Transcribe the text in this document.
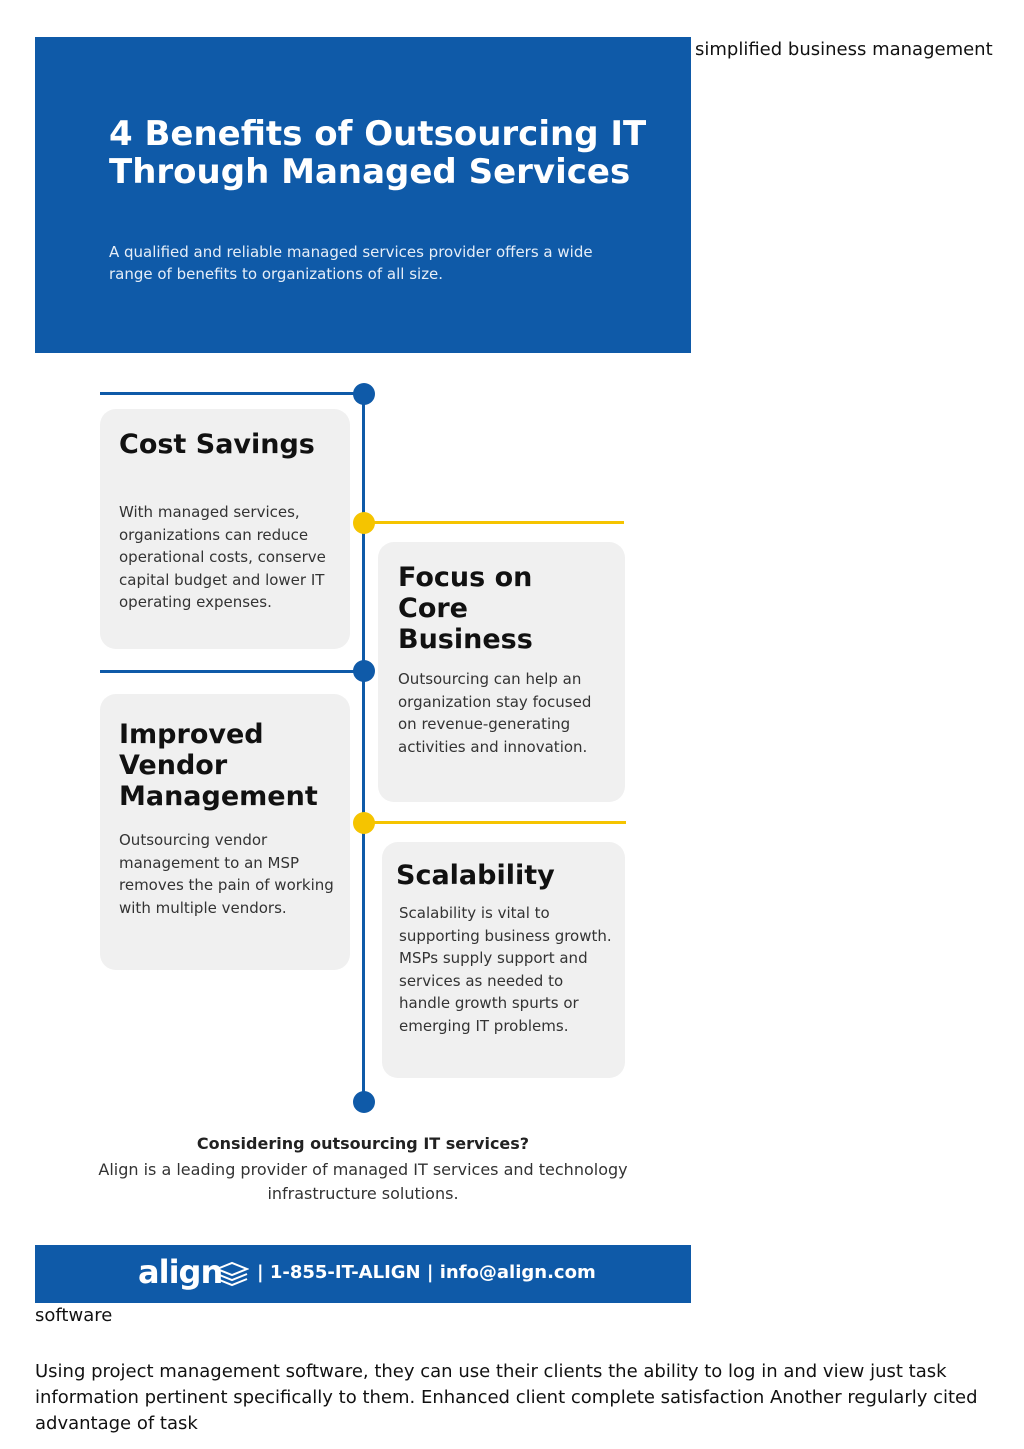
simplified business management
4 Benefits of Outsourcing IT Through Managed Services
A qualified and reliable managed services provider offers a wide range of benefits to organizations of all size.
Cost Savings
With managed services, organizations can reduce operational costs, conserve capital budget and lower IT operating expenses.
Focus on Core Business
Outsourcing can help an organization stay focused on revenue-generating activities and innovation.
Improved Vendor Management
Outsourcing vendor management to an MSP removes the pain of working with multiple vendors.
Scalability
Scalability is vital to supporting business growth. MSPs supply support and services as needed to handle growth spurts or emerging IT problems.
Considering outsourcing IT services?
Align is a leading provider of managed IT services and technology infrastructure solutions.
align | 1-855-IT-ALIGN | info@align.com
software
Using project management software, they can use their clients the ability to log in and view just task information pertinent specifically to them. Enhanced client complete satisfaction Another regularly cited advantage of task
